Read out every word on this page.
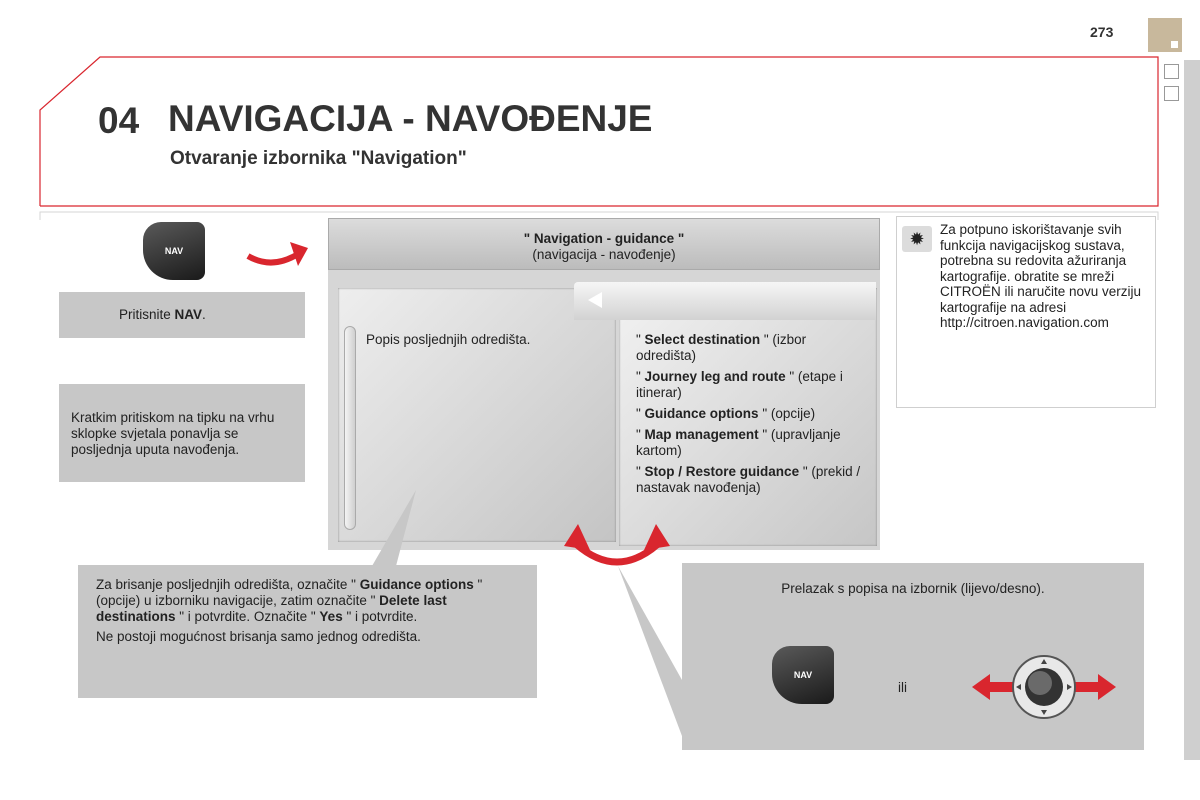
273
04 NAVIGACIJA - NAVOĐENJE
Otvaranje izbornika "Navigation"
NAV
Pritisnite NAV.
Kratkim pritiskom na tipku na vrhu sklopke svjetala ponavlja se posljednja uputa navođenja.
" Navigation - guidance "
(navigacija - navođenje)
Popis posljednjih odredišta.	" Select destination " (izbor odredišta)
" Journey leg and route " (etape i itinerar)
" Guidance options " (opcije)
" Map management " (upravljanje kartom)
" Stop / Restore guidance " (prekid / nastavak navođenja)
✹	Za potpuno iskorištavanje svih funkcija navigacijskog sustava, potrebna su redovita ažuriranja kartografije. obratite se mreži CITROËN ili naručite novu verziju kartografije na adresi http://citroen.navigation.com
Za brisanje posljednjih odredišta, označite " Guidance options " (opcije) u izborniku navigacije, zatim označite " Delete last destinations " i potvrdite. Označite " Yes " i potvrdite.
Ne postoji mogućnost brisanja samo jednog odredišta.
Prelazak s popisa na izbornik (lijevo/desno).
ili
NAV
